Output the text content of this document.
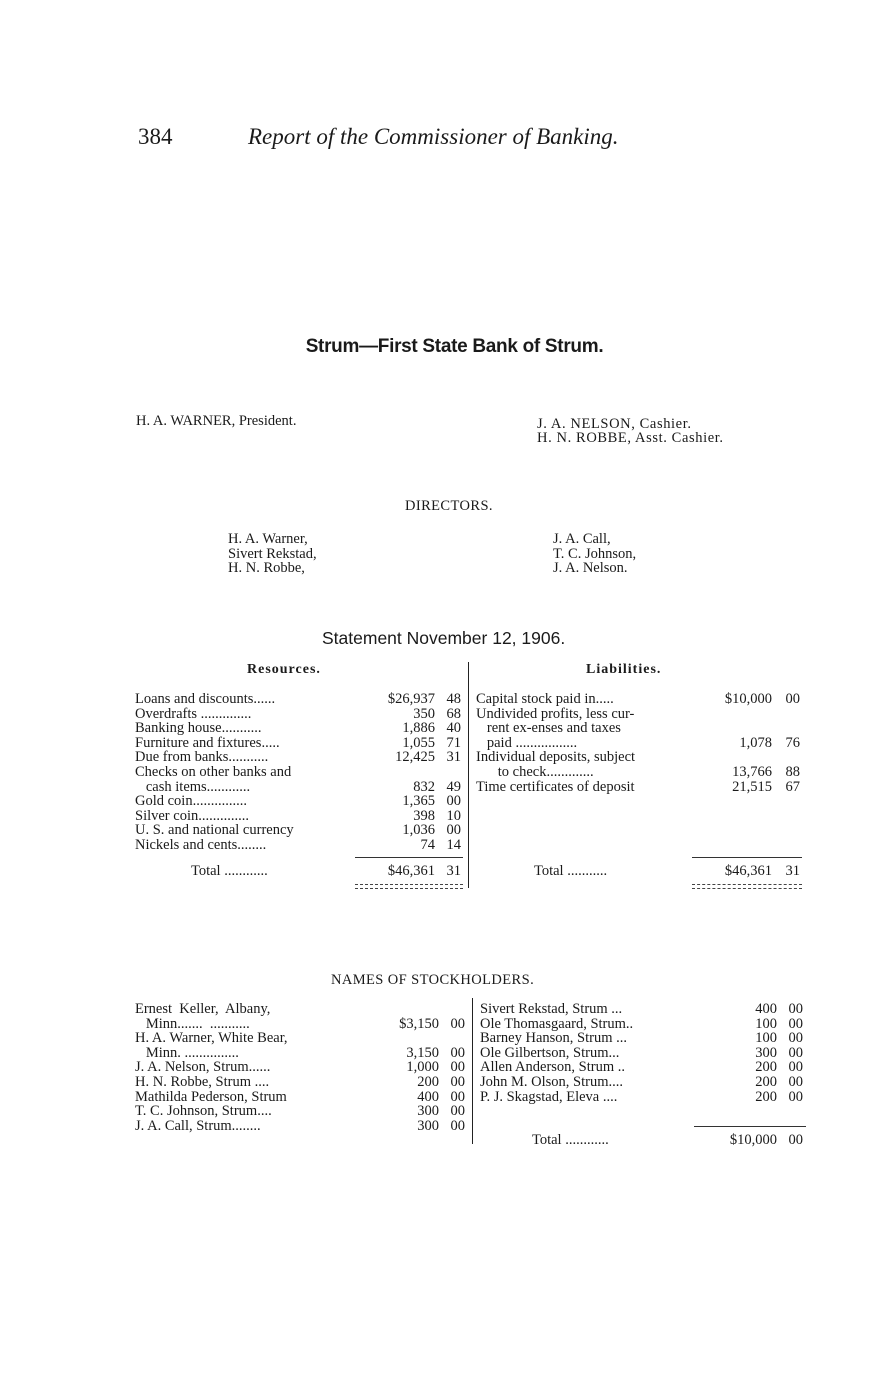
384	Report of the Commissioner of Banking.
Strum—First State Bank of Strum.
H. A. WARNER, President.	J. A. NELSON, Cashier.
H. N. ROBBE, Asst. Cashier.
DIRECTORS.
H. A. Warner,
Sivert Rekstad,
H. N. Robbe,
J. A. Call,
T. C. Johnson,
J. A. Nelson.
Statement November 12, 1906.
Resources.	Liabilities.
Loans and discounts......	$26,937 48
Overdrafts ..............	350 68
Banking house...........	1,886 40
Furniture and fixtures.....	1,055 71
Due from banks...........	12,425 31
Checks on other banks and
cash items............	832 49
Gold coin...............	1,365 00
Silver coin..............	398 10
U. S. and national currency	1,036 00
Nickels and cents........	74 14
Total ............	$46,361 31
Capital stock paid in.....	$10,000 00
Undivided profits, less cur-
rent ex-enses and taxes
paid .................	1,078 76
Individual deposits, subject
to check.............	13,766 88
Time certificates of deposit	21,515 67
Total ...........	$46,361 31
NAMES OF STOCKHOLDERS.
Ernest  Keller,  Albany,
Minn.......  ...........	$3,150 00
H. A. Warner, White Bear,
Minn. ...............	3,150 00
J. A. Nelson, Strum......	1,000 00
H. N. Robbe, Strum ....	200 00
Mathilda Pederson, Strum	400 00
T. C. Johnson, Strum....	300 00
J. A. Call, Strum........	300 00
Sivert Rekstad, Strum ...	400 00
Ole Thomasgaard, Strum..	100 00
Barney Hanson, Strum ...	100 00
Ole Gilbertson, Strum...	300 00
Allen Anderson, Strum ..	200 00
John M. Olson, Strum....	200 00
P. J. Skagstad, Eleva ....	200 00
Total ............	$10,000 00
